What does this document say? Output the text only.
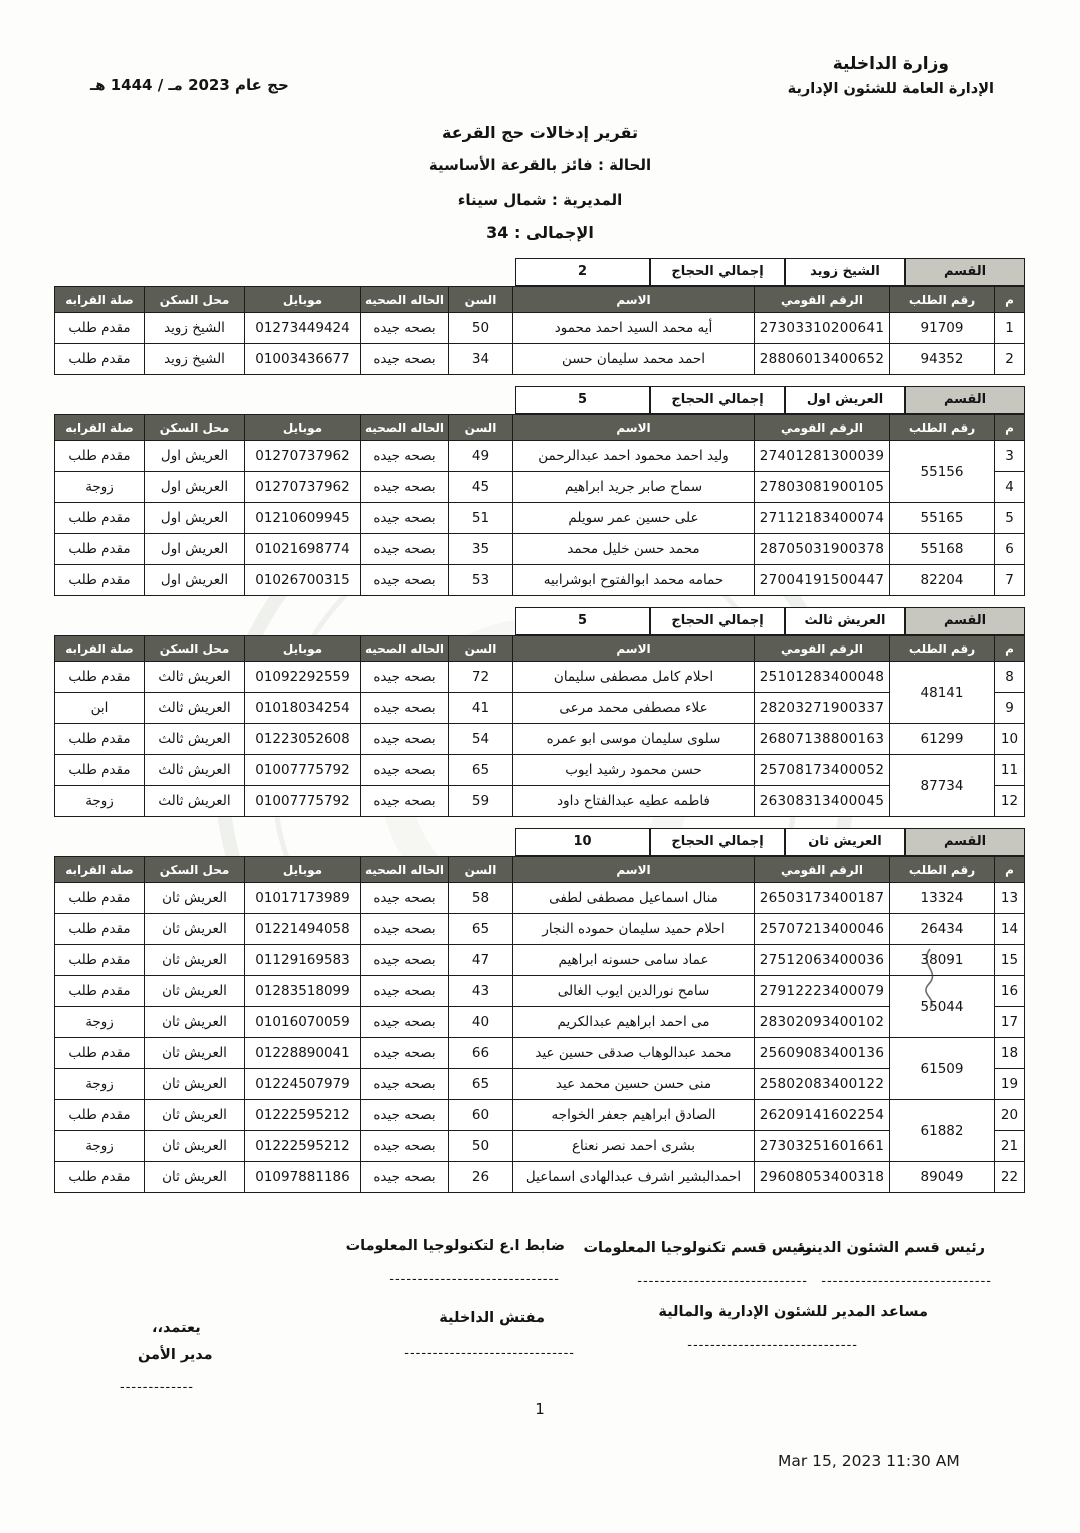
وزارة الداخلية
الإدارة العامة للشئون الإدارية
حج عام 2023 مـ / 1444 هـ
تقرير إدخالات حج القرعة
الحالة : فائز بالقرعة الأساسية
المديرية : شمال سيناء
الإجمالى : 34
القسم
الشيخ زويد
إجمالي الحجاج
2
م	رقم الطلب	الرقم القومي	الاسم	السن	الحاله الصحيه	موبايل	محل السكن	صلة القرابه
1	91709	27303310200641	أيه محمد السيد احمد محمود	50	بصحه جيده	01273449424	الشيخ زويد	مقدم طلب
2	94352	28806013400652	احمد محمد سليمان حسن	34	بصحه جيده	01003436677	الشيخ زويد	مقدم طلب
القسم
العريش اول
إجمالي الحجاج
5
م	رقم الطلب	الرقم القومي	الاسم	السن	الحاله الصحيه	موبايل	محل السكن	صلة القرابه
3	55156	27401281300039	وليد احمد محمود احمد عبدالرحمن	49	بصحه جيده	01270737962	العريش اول	مقدم طلب
4		27803081900105	سماح صابر جريد ابراهيم	45	بصحه جيده	01270737962	العريش اول	زوجة
5	55165	27112183400074	على حسين عمر سويلم	51	بصحه جيده	01210609945	العريش اول	مقدم طلب
6	55168	28705031900378	محمد حسن خليل محمد	35	بصحه جيده	01021698774	العريش اول	مقدم طلب
7	82204	27004191500447	حمامه محمد ابوالفتوح ابوشرابيه	53	بصحه جيده	01026700315	العريش اول	مقدم طلب
القسم
العريش ثالث
إجمالي الحجاج
5
م	رقم الطلب	الرقم القومي	الاسم	السن	الحاله الصحيه	موبايل	محل السكن	صلة القرابه
8	48141	25101283400048	احلام كامل مصطفى سليمان	72	بصحه جيده	01092292559	العريش ثالث	مقدم طلب
9		28203271900337	علاء مصطفى محمد مرعى	41	بصحه جيده	01018034254	العريش ثالث	ابن
10	61299	26807138800163	سلوى سليمان موسى ابو عمره	54	بصحه جيده	01223052608	العريش ثالث	مقدم طلب
11	87734	25708173400052	حسن محمود رشيد ايوب	65	بصحه جيده	01007775792	العريش ثالث	مقدم طلب
12		26308313400045	فاطمه عطيه عبدالفتاح داود	59	بصحه جيده	01007775792	العريش ثالث	زوجة
القسم
العريش ثان
إجمالي الحجاج
10
م	رقم الطلب	الرقم القومي	الاسم	السن	الحاله الصحيه	موبايل	محل السكن	صلة القرابه
13	13324	26503173400187	منال اسماعيل مصطفى لطفى	58	بصحه جيده	01017173989	العريش ثان	مقدم طلب
14	26434	25707213400046	احلام حميد سليمان حموده النجار	65	بصحه جيده	01221494058	العريش ثان	مقدم طلب
15	38091	27512063400036	عماد سامى حسونه ابراهيم	47	بصحه جيده	01129169583	العريش ثان	مقدم طلب
16	55044	27912223400079	سامح نورالدين ايوب الغالى	43	بصحه جيده	01283518099	العريش ثان	مقدم طلب
17		28302093400102	مى احمد ابراهيم عبدالكريم	40	بصحه جيده	01016070059	العريش ثان	زوجة
18	61509	25609083400136	محمد عبدالوهاب صدقى حسين عيد	66	بصحه جيده	01228890041	العريش ثان	مقدم طلب
19		25802083400122	منى حسن حسين محمد عيد	65	بصحه جيده	01224507979	العريش ثان	زوجة
20	61882	26209141602254	الصادق ابراهيم جعفر الخواجه	60	بصحه جيده	01222595212	العريش ثان	مقدم طلب
21		27303251601661	بشرى احمد نصر نعناع	50	بصحه جيده	01222595212	العريش ثان	زوجة
22	89049	29608053400318	احمدالبشير اشرف عبدالهادى اسماعيل	26	بصحه جيده	01097881186	العريش ثان	مقدم طلب
رئيس قسم الشئون الدينية
------------------------------
رئيس قسم تكنولوجيا المعلومات
------------------------------
ضابط ا.ع لتكنولوجيا المعلومات
------------------------------
مساعد المدير للشئون الإدارية والمالية
------------------------------
مفتش الداخلية
------------------------------
يعتمد،،
مدير الأمن
-------------
1
Mar 15, 2023 11:30 AM
